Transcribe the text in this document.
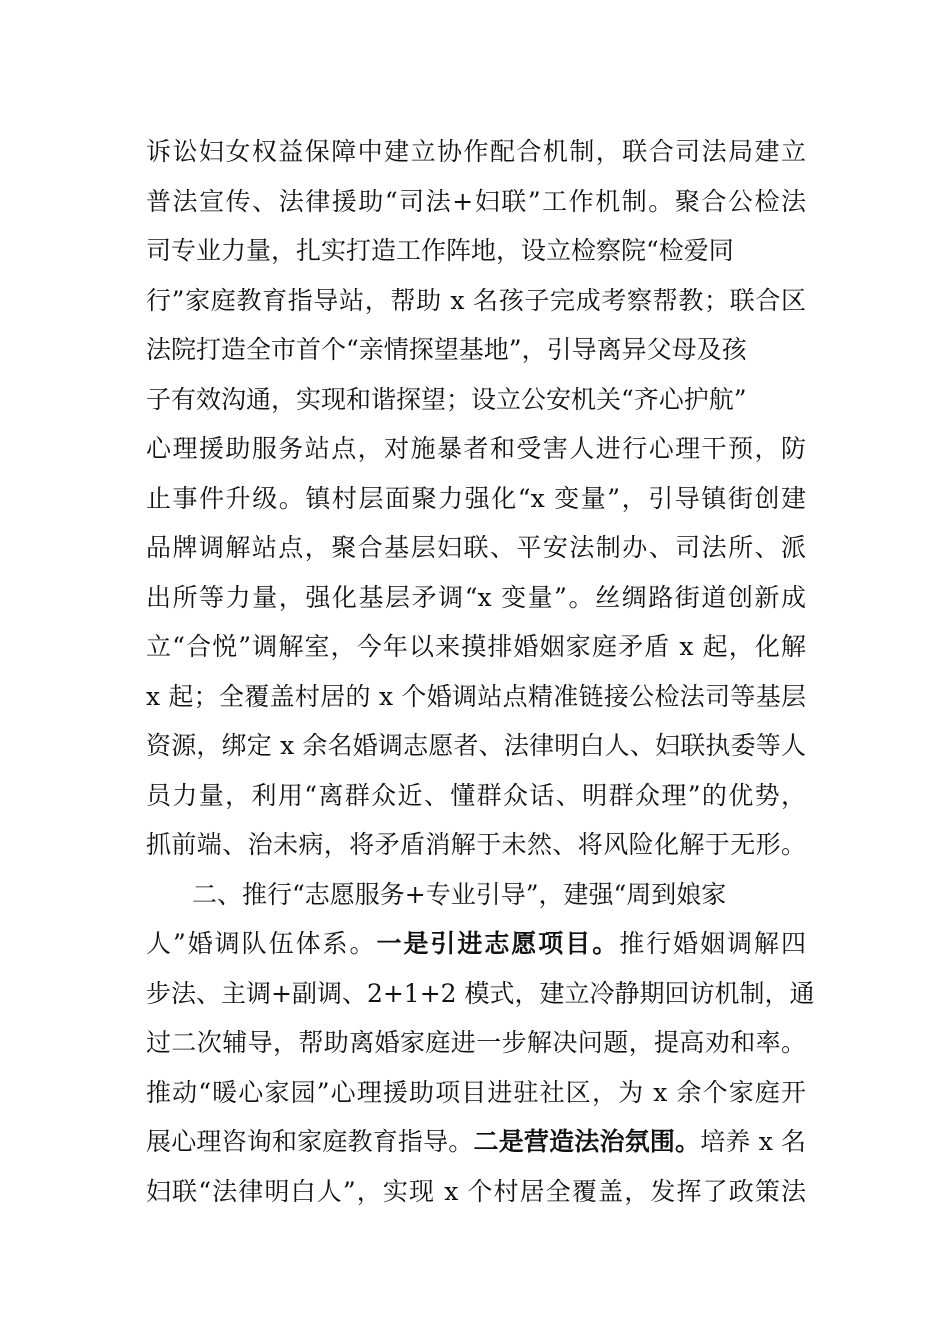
诉讼妇女权益保障中建立协作配合机制，联合司法局建立
普法宣传、法律援助“司法+妇联”工作机制。聚合公检法
司专业力量，扎实打造工作阵地，设立检察院“检爱同
行”家庭教育指导站，帮助 x 名孩子完成考察帮教；联合区
法院打造全市首个“亲情探望基地”，引导离异父母及孩
子有效沟通，实现和谐探望；设立公安机关“齐心护航”
心理援助服务站点，对施暴者和受害人进行心理干预，防
止事件升级。镇村层面聚力强化“x 变量”，引导镇街创建
品牌调解站点，聚合基层妇联、平安法制办、司法所、派
出所等力量，强化基层矛调“x 变量”。丝绸路街道创新成
立“合悦”调解室，今年以来摸排婚姻家庭矛盾 x 起，化解
x 起；全覆盖村居的 x 个婚调站点精准链接公检法司等基层
资源，绑定 x 余名婚调志愿者、法律明白人、妇联执委等人
员力量，利用“离群众近、懂群众话、明群众理”的优势，
抓前端、治未病，将矛盾消解于未然、将风险化解于无形。
二、推行“志愿服务+专业引导”，建强“周到娘家
人”婚调队伍体系。一是引进志愿项目。推行婚姻调解四
步法、主调+副调、2+1+2 模式，建立冷静期回访机制，通
过二次辅导，帮助离婚家庭进一步解决问题，提高劝和率。
推动“暖心家园”心理援助项目进驻社区，为 x 余个家庭开
展心理咨询和家庭教育指导。二是营造法治氛围。培养 x 名
妇联“法律明白人”，实现 x 个村居全覆盖，发挥了政策法
